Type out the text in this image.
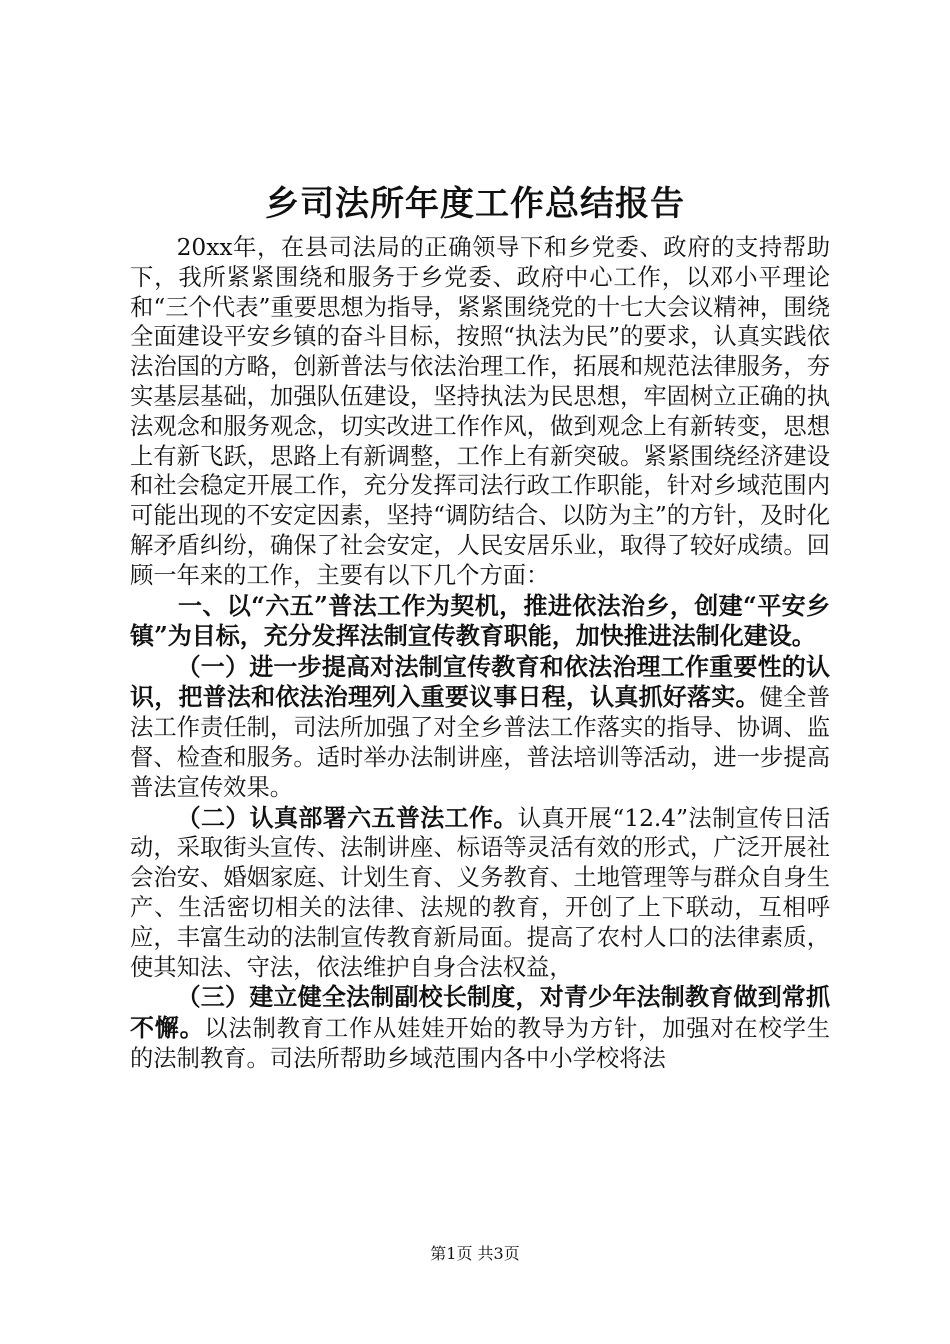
乡司法所年度工作总结报告

20xx年，在县司法局的正确领导下和乡党委、政府的支持帮助下，我所紧紧围绕和服务于乡党委、政府中心工作，以邓小平理论和“三个代表”重要思想为指导，紧紧围绕党的十七大会议精神，围绕全面建设平安乡镇的奋斗目标，按照“执法为民”的要求，认真实践依法治国的方略，创新普法与依法治理工作，拓展和规范法律服务，夯实基层基础，加强队伍建设，坚持执法为民思想，牢固树立正确的执法观念和服务观念，切实改进工作作风，做到观念上有新转变，思想上有新飞跃，思路上有新调整，工作上有新突破。紧紧围绕经济建设和社会稳定开展工作，充分发挥司法行政工作职能，针对乡域范围内可能出现的不安定因素，坚持“调防结合、以防为主”的方针，及时化解矛盾纠纷，确保了社会安定，人民安居乐业，取得了较好成绩。回顾一年来的工作，主要有以下几个方面：

一、以“六五”普法工作为契机，推进依法治乡，创建“平安乡镇”为目标，充分发挥法制宣传教育职能，加快推进法制化建设。

（一）进一步提高对法制宣传教育和依法治理工作重要性的认识，把普法和依法治理列入重要议事日程，认真抓好落实。健全普法工作责任制，司法所加强了对全乡普法工作落实的指导、协调、监督、检查和服务。适时举办法制讲座，普法培训等活动，进一步提高普法宣传效果。

（二）认真部署六五普法工作。认真开展“12.4”法制宣传日活动，采取街头宣传、法制讲座、标语等灵活有效的形式，广泛开展社会治安、婚姻家庭、计划生育、义务教育、土地管理等与群众自身生产、生活密切相关的法律、法规的教育，开创了上下联动，互相呼应，丰富生动的法制宣传教育新局面。提高了农村人口的法律素质，使其知法、守法，依法维护自身合法权益，

（三）建立健全法制副校长制度，对青少年法制教育做到常抓不懈。以法制教育工作从娃娃开始的教导为方针，加强对在校学生的法制教育。司法所帮助乡域范围内各中小学校将法

第1页 共3页
